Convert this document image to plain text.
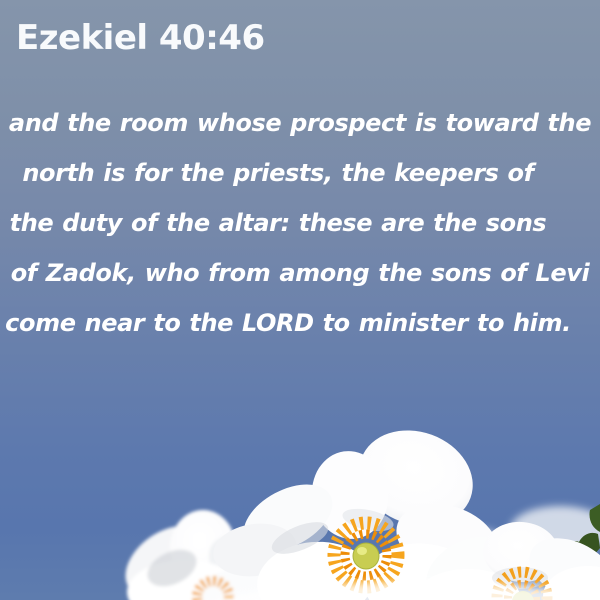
Ezekiel 40:46
and the room whose prospect is toward the
north is for the priests, the keepers of
the duty of the altar: these are the sons
of Zadok, who from among the sons of Levi
come near to the LORD to minister to him.
